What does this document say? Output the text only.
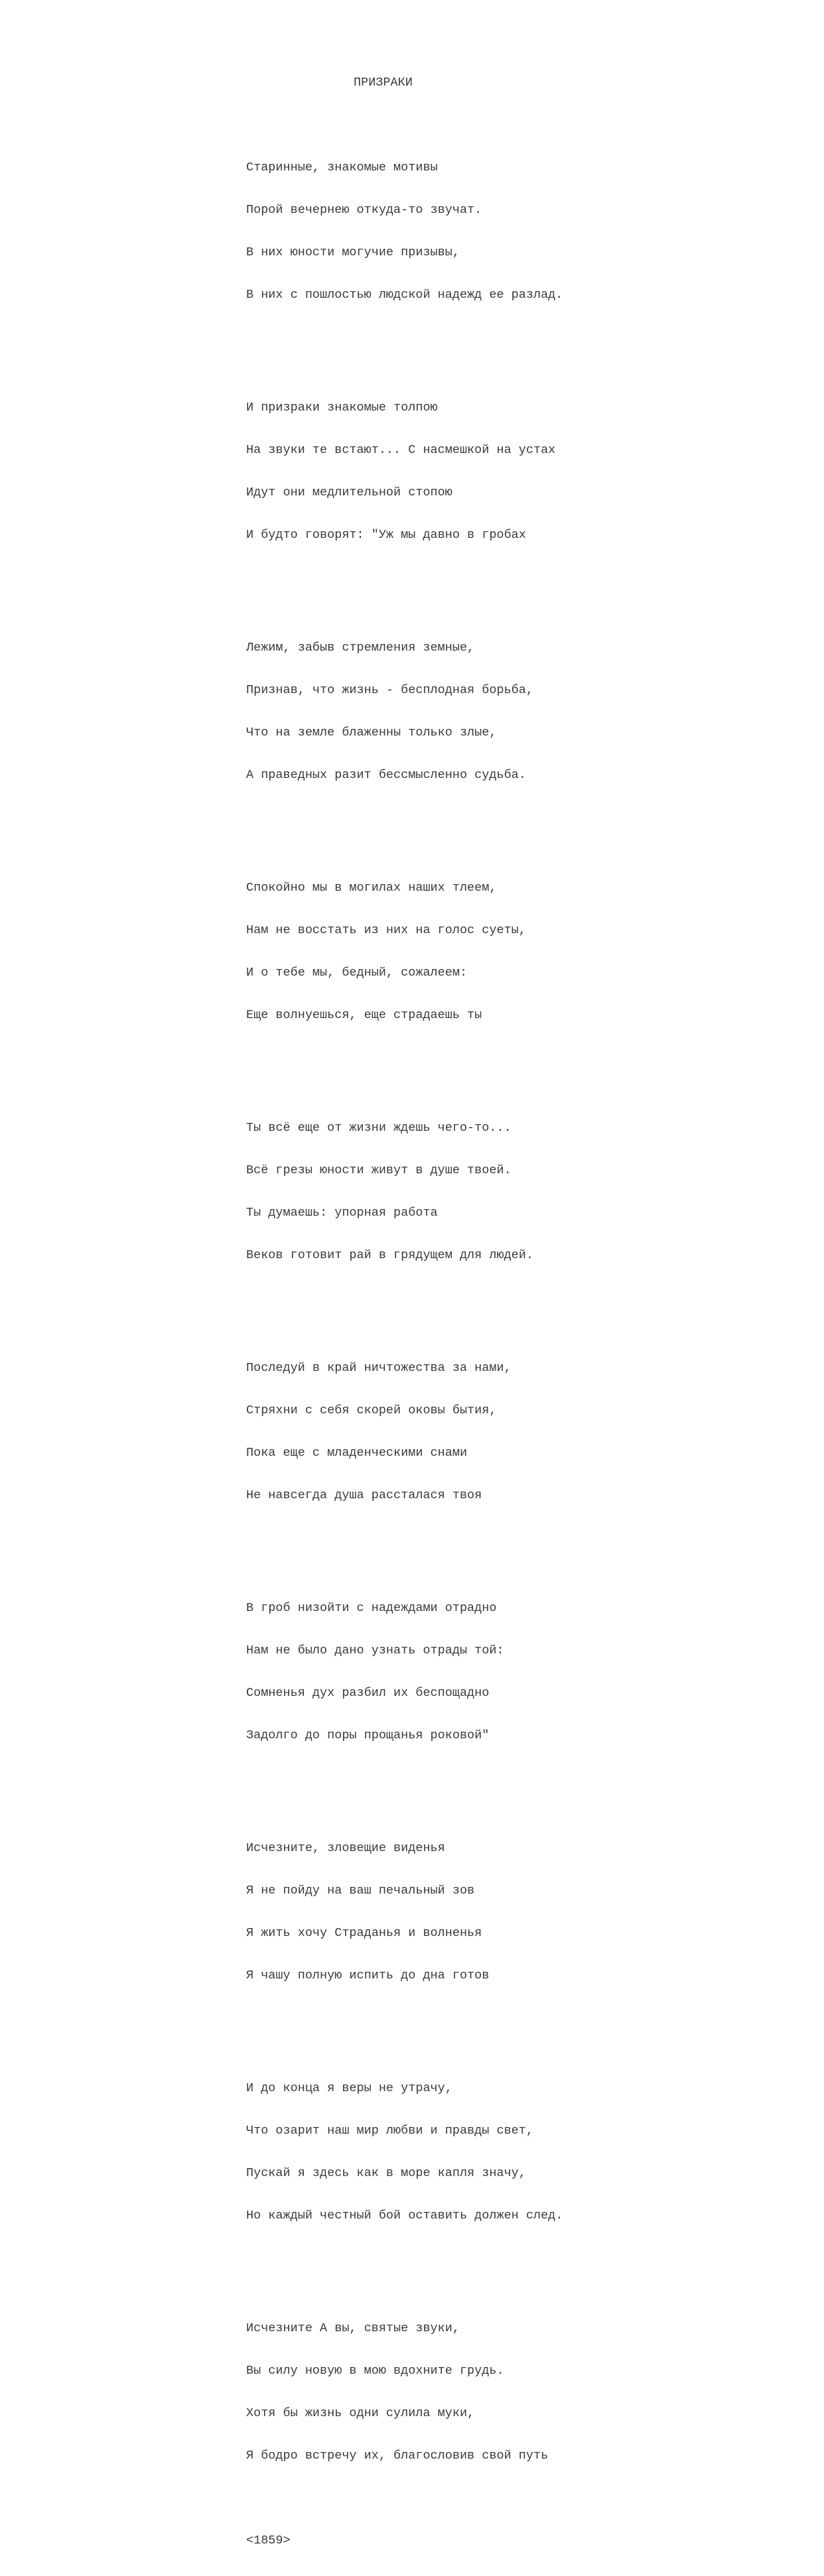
ПРИЗРАКИ

Старинные, знакомые мотивы

Порой вечернею откуда-то звучат.

В них юности могучие призывы,

В них с пошлостью людской надежд ее разлад.

И призраки знакомые толпою

На звуки те встают... С насмешкой на устах

Идут они медлительной стопою

И будто говорят: "Уж мы давно в гробах

Лежим, забыв стремления земные,

Признав, что жизнь - бесплодная борьба,

Что на земле блаженны только злые,

А праведных разит бессмысленно судьба.

Спокойно мы в могилах наших тлеем,

Нам не восстать из них на голос суеты,

И о тебе мы, бедный, сожалеем:

Еще волнуешься, еще страдаешь ты

Ты всё еще от жизни ждешь чего-то...

Всё грезы юности живут в душе твоей.

Ты думаешь: упорная работа

Веков готовит рай в грядущем для людей.

Последуй в край ничтожества за нами,

Стряхни с себя скорей оковы бытия,

Пока еще с младенческими снами

Не навсегда душа рассталася твоя

В гроб низойти с надеждами отрадно

Нам не было дано узнать отрады той:

Сомненья дух разбил их беспощадно

Задолго до поры прощанья роковой"

Исчезните, зловещие виденья

Я не пойду на ваш печальный зов

Я жить хочу Страданья и волненья

Я чашу полную испить до дна готов

И до конца я веры не утрачу,

Что озарит наш мир любви и правды свет,

Пускай я здесь как в море капля значу,

Но каждый честный бой оставить должен след.

Исчезните А вы, святые звуки,

Вы силу новую в мою вдохните грудь.

Хотя бы жизнь одни сулила муки,

Я бодро встречу их, благословив свой путь

<1859>
